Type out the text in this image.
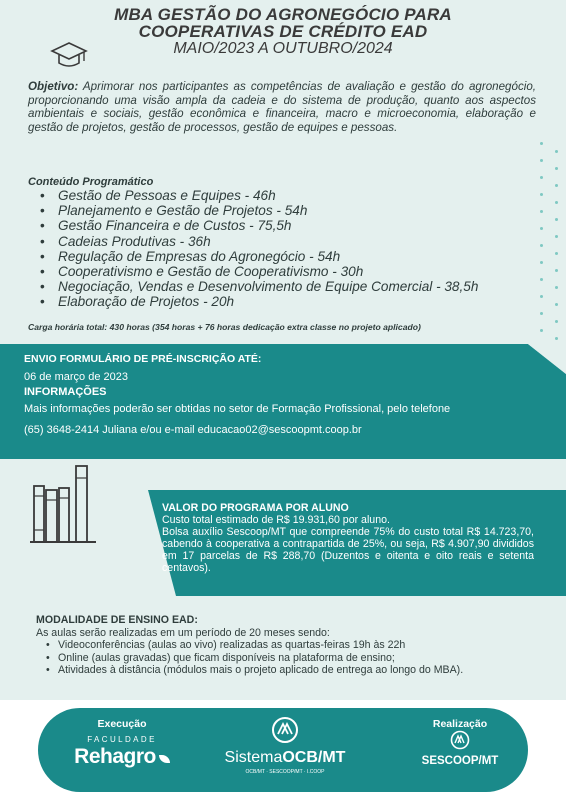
MBA GESTÃO DO AGRONEGÓCIO PARA
COOPERATIVAS DE CRÉDITO EAD
MAIO/2023 A OUTUBRO/2024
Objetivo: Aprimorar nos participantes as competências de avaliação e gestão do agronegócio, proporcionando uma visão ampla da cadeia e do sistema de produção, quanto aos aspectos ambientais e sociais, gestão econômica e financeira, macro e microeconomia, elaboração e gestão de projetos, gestão de processos, gestão de equipes e pessoas.
Conteúdo Programático
• Gestão de Pessoas e Equipes - 46h
• Planejamento e Gestão de Projetos - 54h
• Gestão Financeira e de Custos - 75,5h
• Cadeias Produtivas - 36h
• Regulação de Empresas do Agronegócio - 54h
• Cooperativismo e Gestão de Cooperativismo - 30h
• Negociação, Vendas e Desenvolvimento de Equipe Comercial - 38,5h
• Elaboração de Projetos - 20h
Carga horária total: 430 horas (354 horas + 76 horas dedicação extra classe no projeto aplicado)
ENVIO FORMULÁRIO DE PRÉ-INSCRIÇÃO ATÉ:
06 de março de 2023
INFORMAÇÕES
Mais informações poderão ser obtidas no setor de Formação Profissional, pelo telefone
(65) 3648-2414 Juliana e/ou e-mail educacao02@sescoopmt.coop.br
VALOR DO PROGRAMA POR ALUNO
Custo total estimado de R$ 19.931,60 por aluno.
Bolsa auxílio Sescoop/MT que compreende 75% do custo total R$ 14.723,70, cabendo à cooperativa a contrapartida de 25%, ou seja, R$ 4.907,90 divididos em 17 parcelas de R$ 288,70 (Duzentos e oitenta e oito reais e setenta centavos).
MODALIDADE DE ENSINO EAD:
As aulas serão realizadas em um período de 20 meses sendo:
• Videoconferências (aulas ao vivo) realizadas as quartas-feiras 19h às 22h
• Online (aulas gravadas) que ficam disponíveis na plataforma de ensino;
• Atividades à distância (módulos mais o projeto aplicado de entrega ao longo do MBA).
Execução
FACULDADE
Rehagro	SistemaOCB/MT
OCB/MT · SESCOOP/MT · I.COOP
Realização
SESCOOP/MT
